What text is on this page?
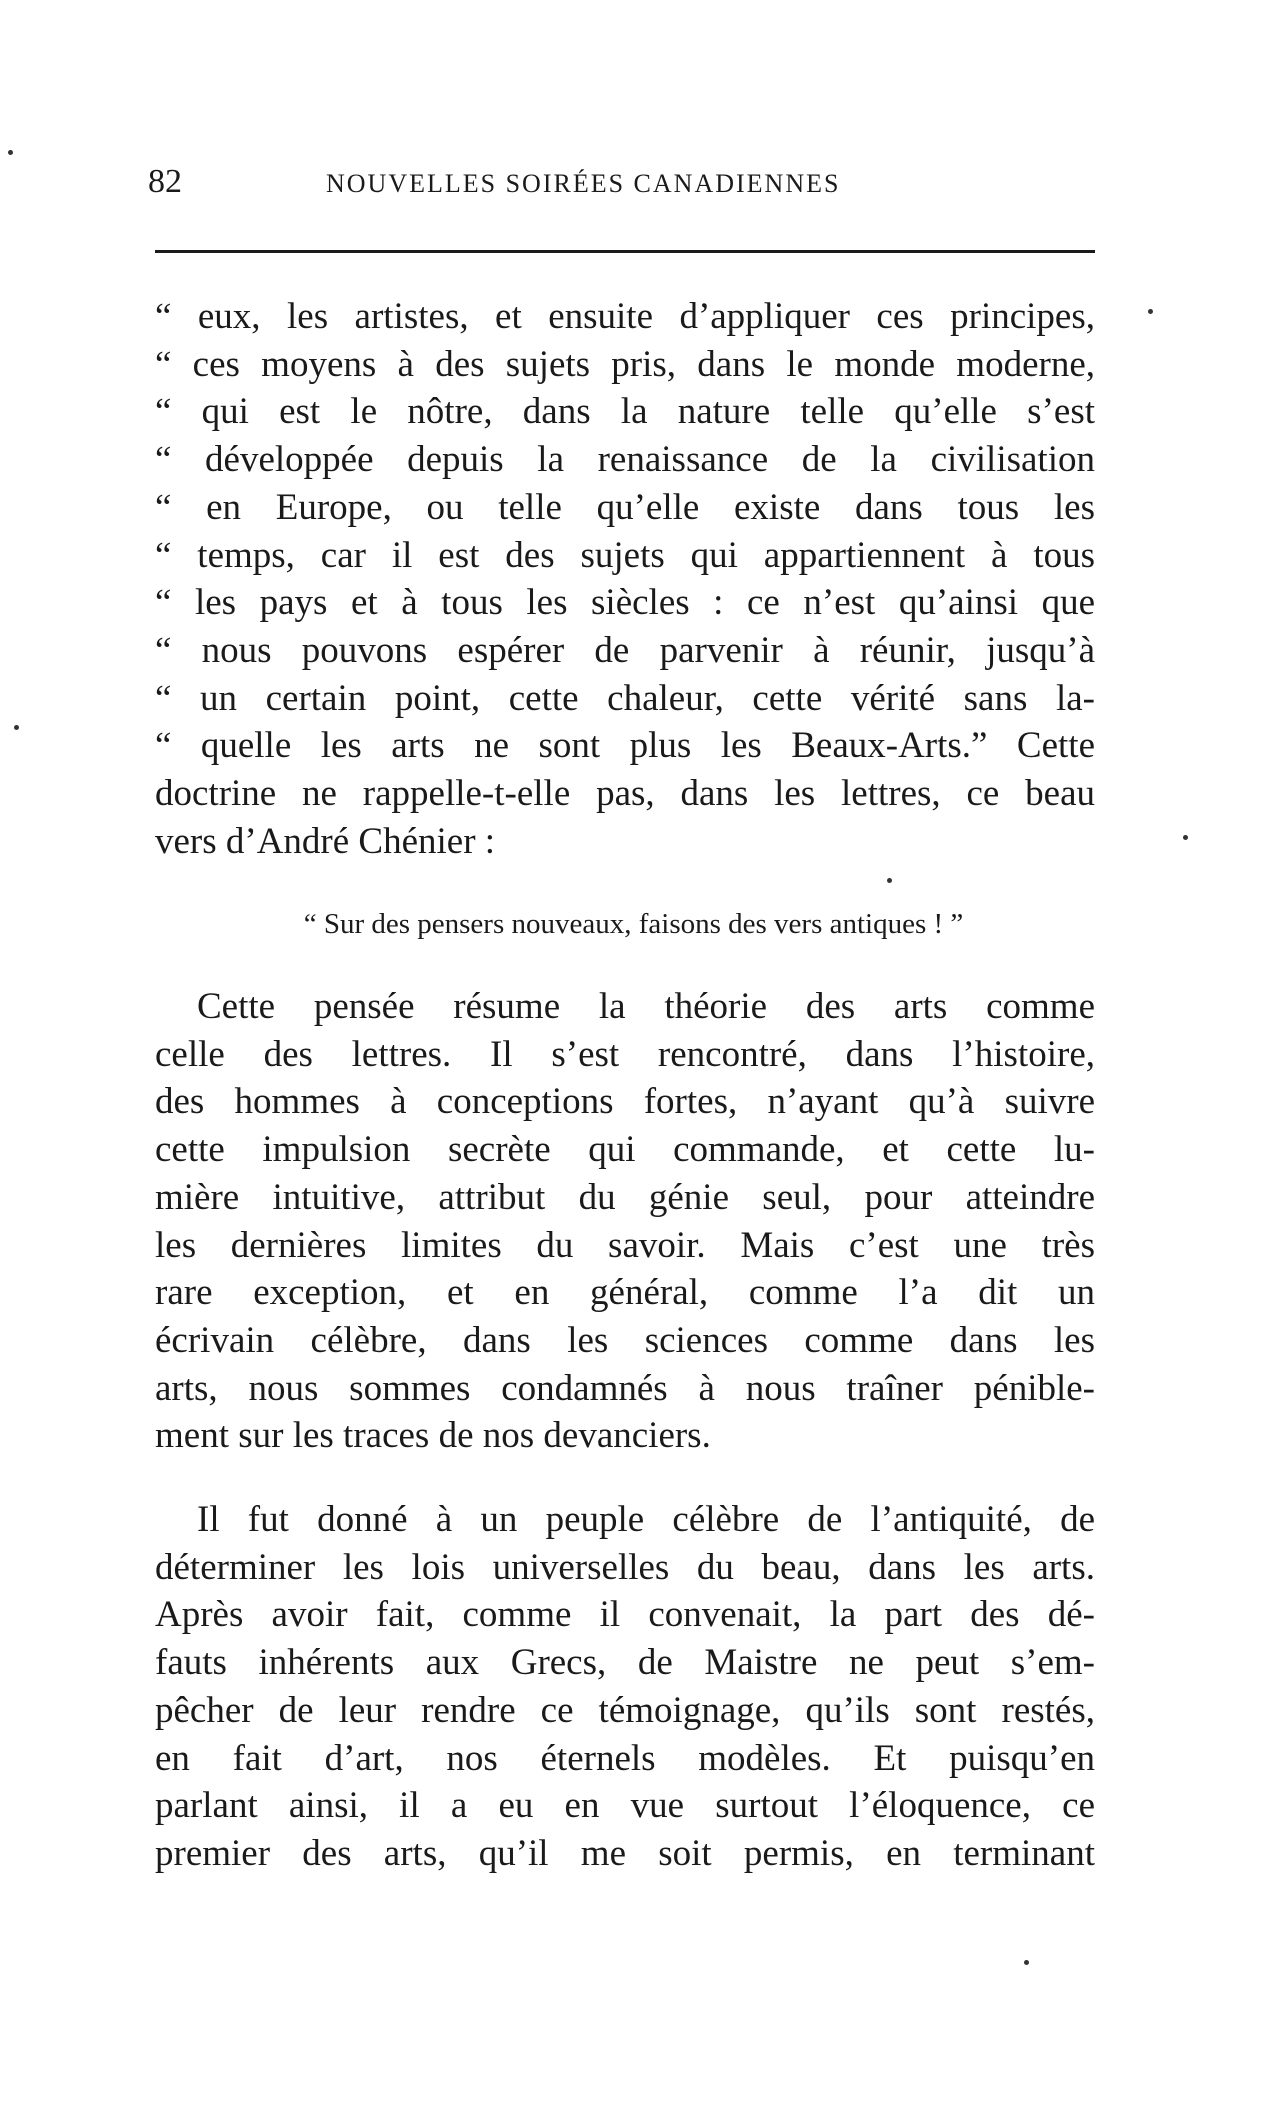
82	NOUVELLES SOIRÉES CANADIENNES
“ eux, les artistes, et ensuite d’appliquer ces principes,
“ ces moyens à des sujets pris, dans le monde moderne,
“ qui est le nôtre, dans la nature telle qu’elle s’est
“ développée depuis la renaissance de la civilisation
“ en Europe, ou telle qu’elle existe dans tous les
“ temps, car il est des sujets qui appartiennent à tous
“ les pays et à tous les siècles : ce n’est qu’ainsi que
“ nous pouvons espérer de parvenir à réunir, jusqu’à
“ un certain point, cette chaleur, cette vérité sans la-
“ quelle les arts ne sont plus les Beaux-Arts.” Cette
doctrine ne rappelle-t-elle pas, dans les lettres, ce beau
vers d’André Chénier :
“ Sur des pensers nouveaux, faisons des vers antiques ! ”
Cette pensée résume la théorie des arts comme
celle des lettres. Il s’est rencontré, dans l’histoire,
des hommes à conceptions fortes, n’ayant qu’à suivre
cette impulsion secrète qui commande, et cette lu-
mière intuitive, attribut du génie seul, pour atteindre
les dernières limites du savoir. Mais c’est une très
rare exception, et en général, comme l’a dit un
écrivain célèbre, dans les sciences comme dans les
arts, nous sommes condamnés à nous traîner pénible-
ment sur les traces de nos devanciers.
Il fut donné à un peuple célèbre de l’antiquité, de
déterminer les lois universelles du beau, dans les arts.
Après avoir fait, comme il convenait, la part des dé-
fauts inhérents aux Grecs, de Maistre ne peut s’em-
pêcher de leur rendre ce témoignage, qu’ils sont restés,
en fait d’art, nos éternels modèles. Et puisqu’en
parlant ainsi, il a eu en vue surtout l’éloquence, ce
premier des arts, qu’il me soit permis, en terminant
